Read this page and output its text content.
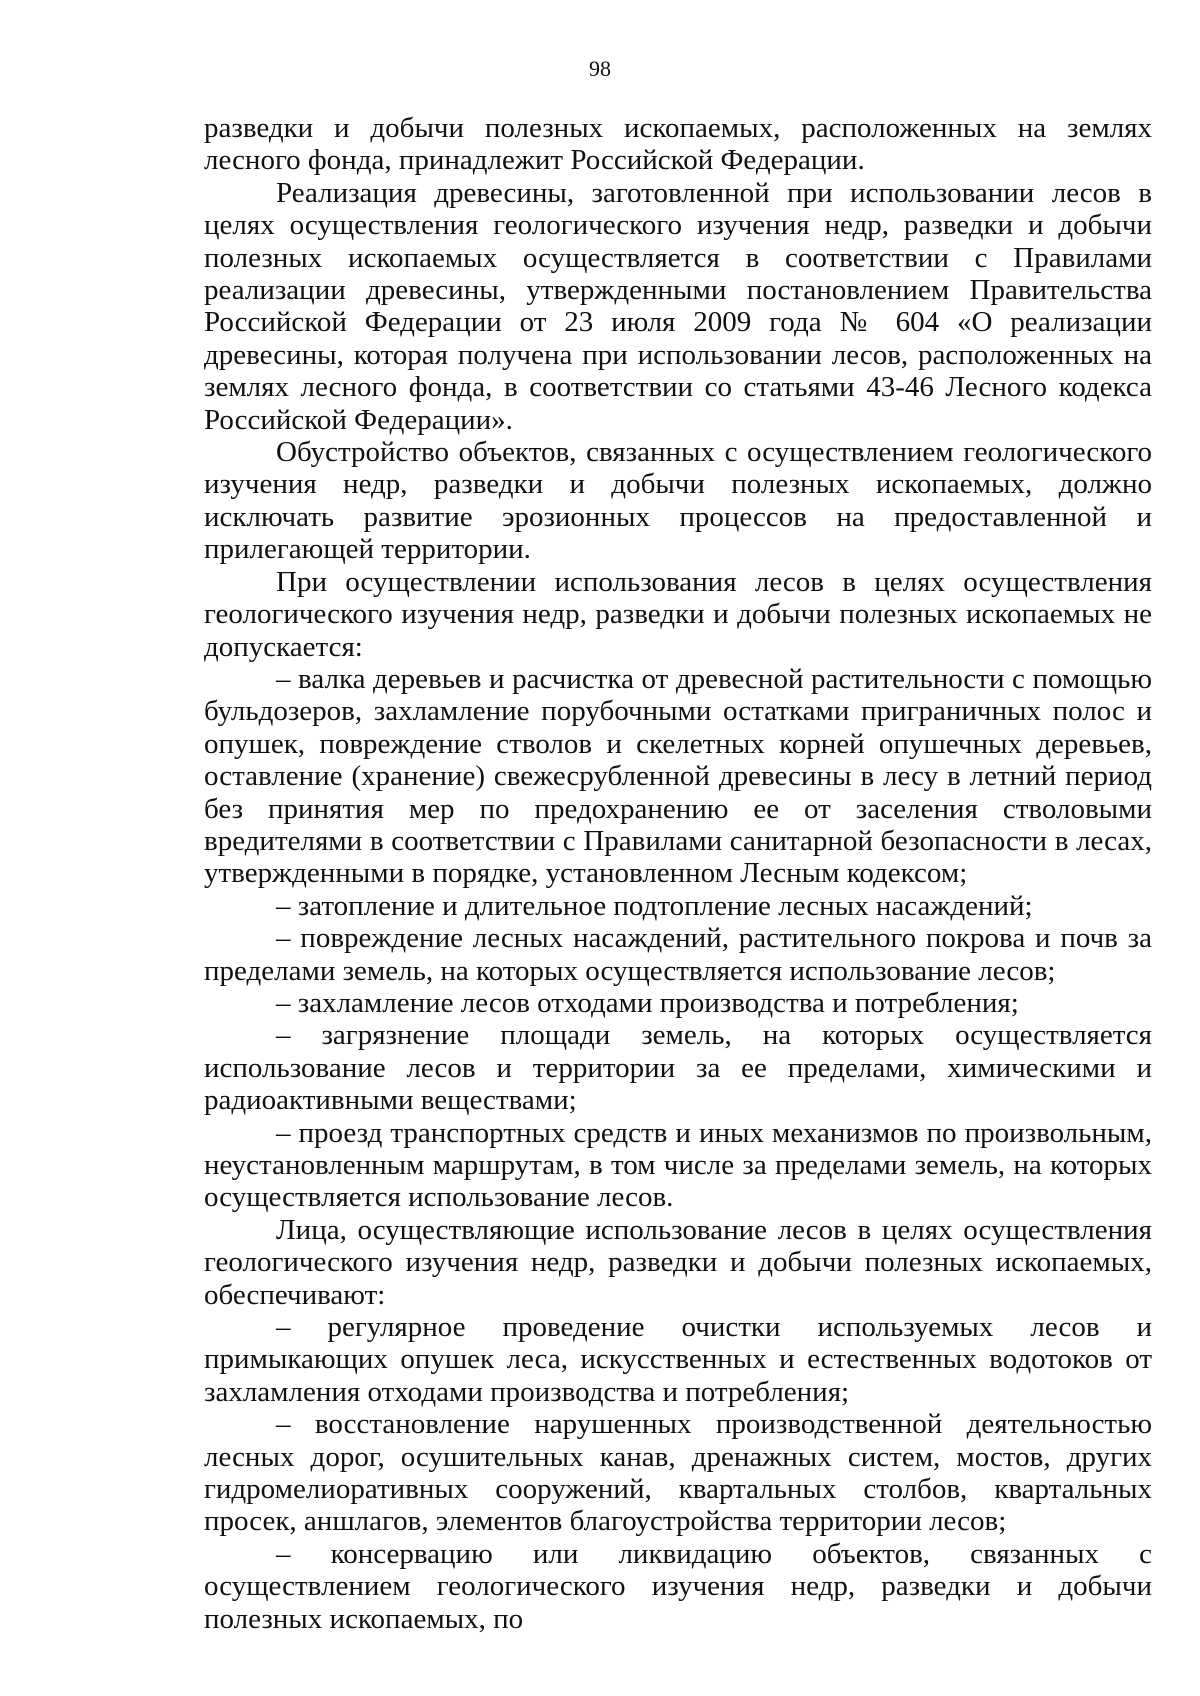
98

разведки и добычи полезных ископаемых, расположенных на землях лесного фонда, принадлежит Российской Федерации.

Реализация древесины, заготовленной при использовании лесов в целях осуществления геологического изучения недр, разведки и добычи полезных ископаемых осуществляется в соответствии с Правилами реализации древесины, утвержденными постановлением Правительства Российской Федерации от 23 июля 2009 года № 604 «О реализации древесины, которая получена при использовании лесов, расположенных на землях лесного фонда, в соответствии со статьями 43-46 Лесного кодекса Российской Федерации».

Обустройство объектов, связанных с осуществлением геологического изучения недр, разведки и добычи полезных ископаемых, должно исключать развитие эрозионных процессов на предоставленной и прилегающей территории.

При осуществлении использования лесов в целях осуществления геологического изучения недр, разведки и добычи полезных ископаемых не допускается:

– валка деревьев и расчистка от древесной растительности с помощью бульдозеров, захламление порубочными остатками приграничных полос и опушек, повреждение стволов и скелетных корней опушечных деревьев, оставление (хранение) свежесрубленной древесины в лесу в летний период без принятия мер по предохранению ее от заселения стволовыми вредителями в соответствии с Правилами санитарной безопасности в лесах, утвержденными в порядке, установленном Лесным кодексом;

– затопление и длительное подтопление лесных насаждений;

– повреждение лесных насаждений, растительного покрова и почв за пределами земель, на которых осуществляется использование лесов;

– захламление лесов отходами производства и потребления;

– загрязнение площади земель, на которых осуществляется использование лесов и территории за ее пределами, химическими и радиоактивными веществами;

– проезд транспортных средств и иных механизмов по произвольным, неустановленным маршрутам, в том числе за пределами земель, на которых осуществляется использование лесов.

Лица, осуществляющие использование лесов в целях осуществления геологического изучения недр, разведки и добычи полезных ископаемых, обеспечивают:

– регулярное проведение очистки используемых лесов и примыкающих опушек леса, искусственных и естественных водотоков от захламления отходами производства и потребления;

– восстановление нарушенных производственной деятельностью лесных дорог, осушительных канав, дренажных систем, мостов, других гидромелиоративных сооружений, квартальных столбов, квартальных просек, аншлагов, элементов благоустройства территории лесов;

– консервацию или ликвидацию объектов, связанных с осуществлением геологического изучения недр, разведки и добычи полезных ископаемых, по
